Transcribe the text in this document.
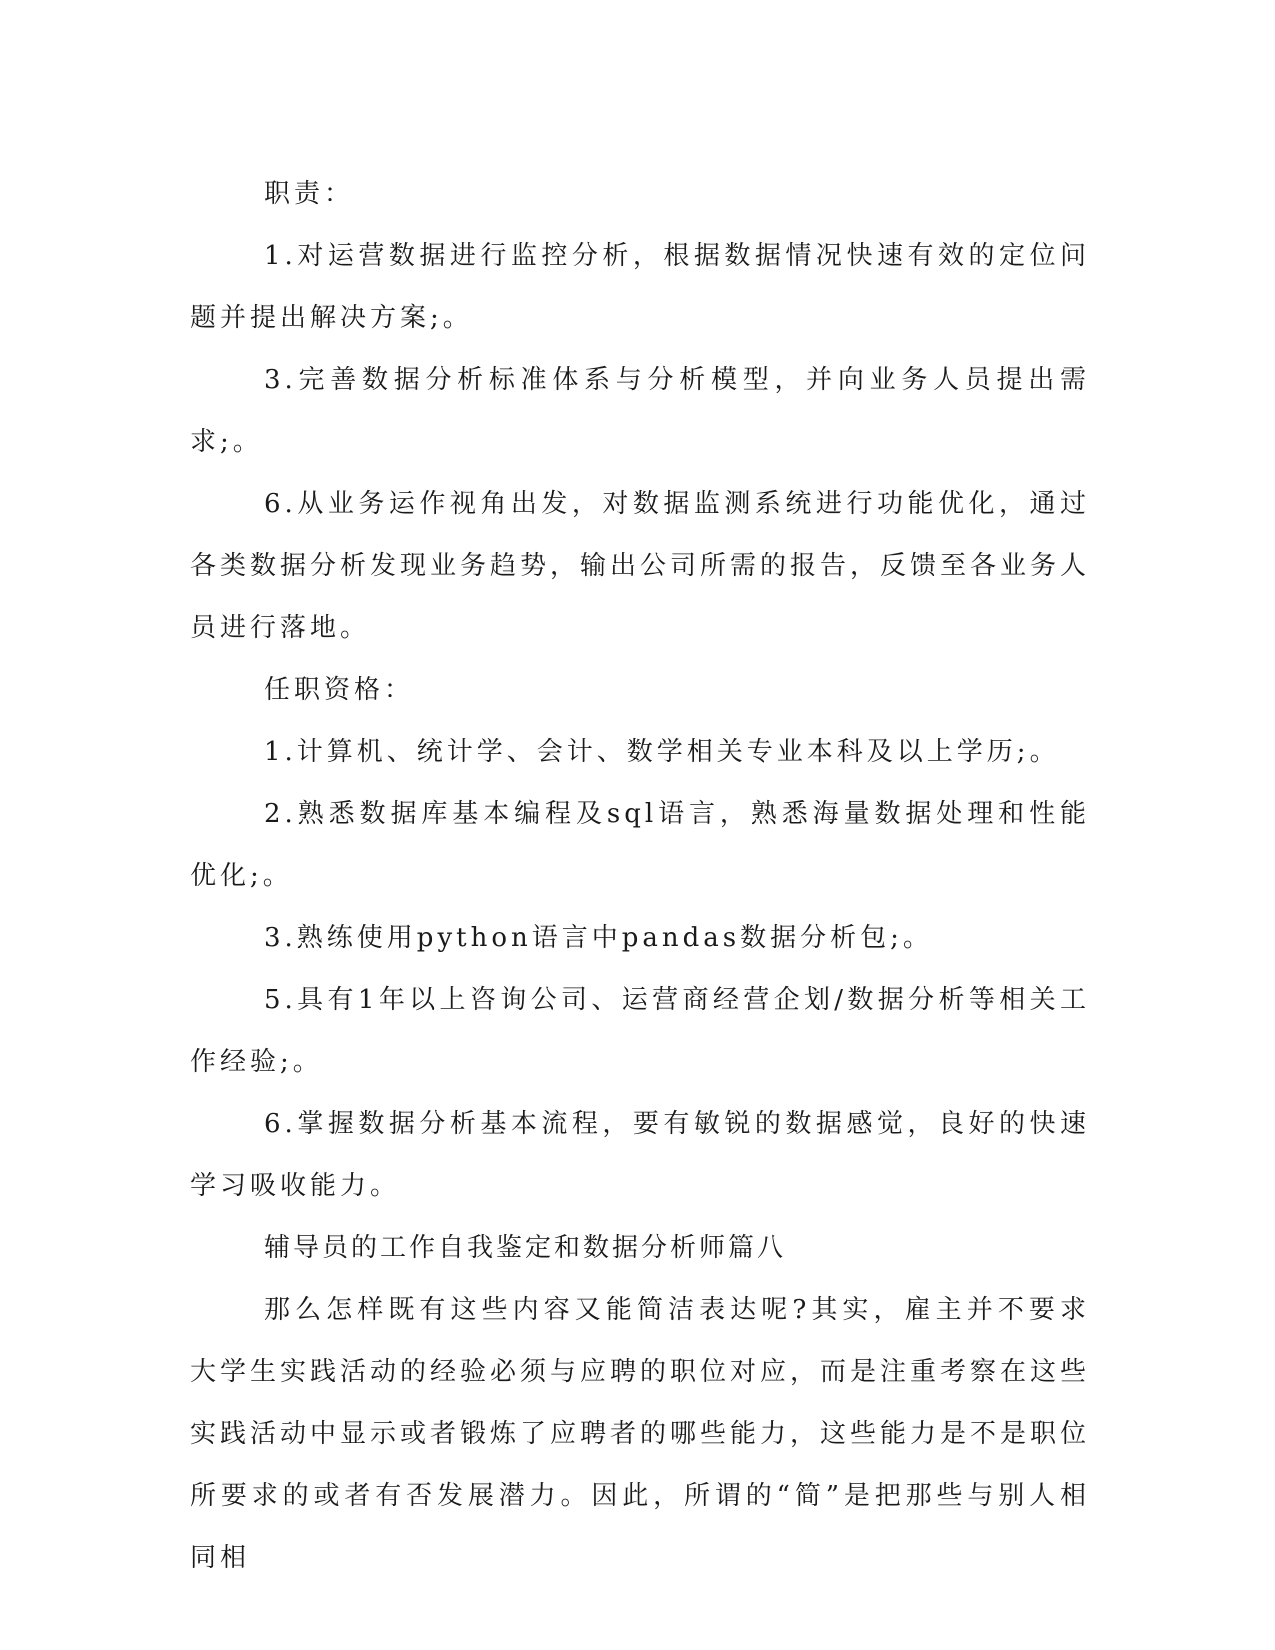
职责：

1.对运营数据进行监控分析，根据数据情况快速有效的定位问题并提出解决方案;。

3.完善数据分析标准体系与分析模型，并向业务人员提出需求;。

6.从业务运作视角出发，对数据监测系统进行功能优化，通过各类数据分析发现业务趋势，输出公司所需的报告，反馈至各业务人员进行落地。

任职资格：

1.计算机、统计学、会计、数学相关专业本科及以上学历;。

2.熟悉数据库基本编程及sql语言，熟悉海量数据处理和性能优化;。

3.熟练使用python语言中pandas数据分析包;。

5.具有1年以上咨询公司、运营商经营企划/数据分析等相关工作经验;。

6.掌握数据分析基本流程，要有敏锐的数据感觉，良好的快速学习吸收能力。

辅导员的工作自我鉴定和数据分析师篇八

那么怎样既有这些内容又能简洁表达呢?其实，雇主并不要求大学生实践活动的经验必须与应聘的职位对应，而是注重考察在这些实践活动中显示或者锻炼了应聘者的哪些能力，这些能力是不是职位所要求的或者有否发展潜力。因此，所谓的“简”是把那些与别人相同相
